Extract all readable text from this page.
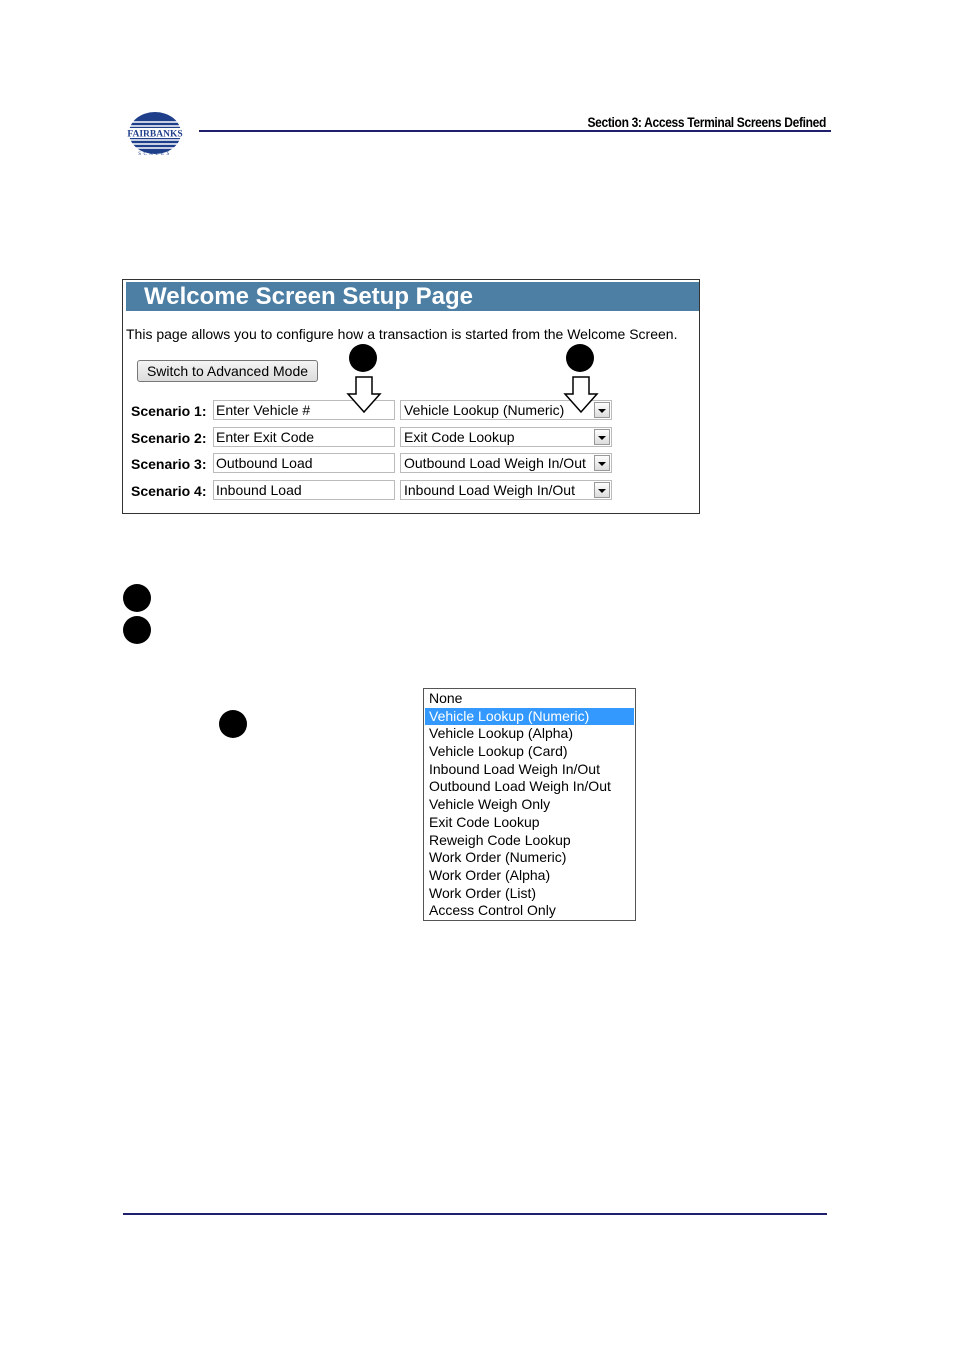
FAIRBANKS
SCALES
Section 3: Access Terminal Screens Defined
Welcome Screen Setup Page
This page allows you to configure how a transaction is started from the Welcome Screen.
Switch to Advanced Mode
Scenario 1:
Enter Vehicle #	Vehicle Lookup (Numeric)
Scenario 2:
Enter Exit Code	Exit Code Lookup
Scenario 3:
Outbound Load	Outbound Load Weigh In/Out
Scenario 4:
Inbound Load	Inbound Load Weigh In/Out
None
Vehicle Lookup (Numeric)
Vehicle Lookup (Alpha)
Vehicle Lookup (Card)
Inbound Load Weigh In/Out
Outbound Load Weigh In/Out
Vehicle Weigh Only
Exit Code Lookup
Reweigh Code Lookup
Work Order (Numeric)
Work Order (Alpha)
Work Order (List)
Access Control Only
